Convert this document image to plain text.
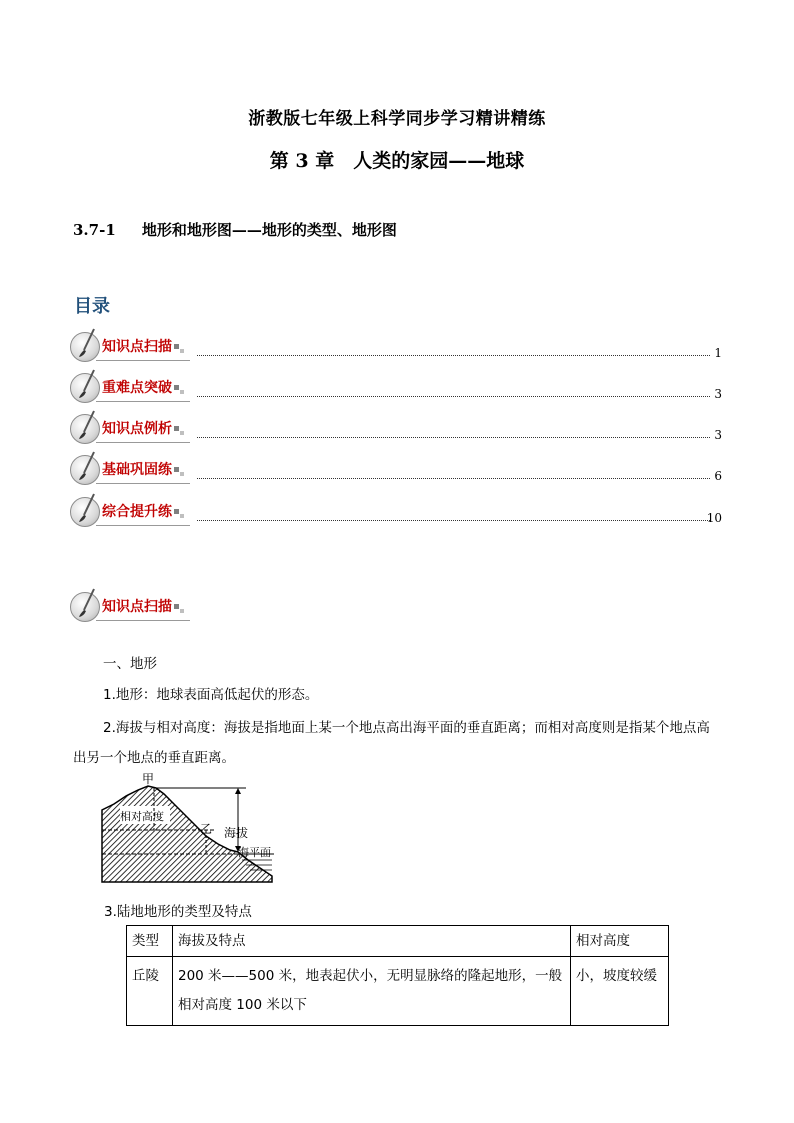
浙教版七年级上科学同步学习精讲精练
第 3 章　人类的家园——地球
3.7-1 地形和地形图——地形的类型、地形图
目录
知识点扫描	1
重难点突破	3
知识点例析	3
基础巩固练	6
综合提升练	10
知识点扫描
一、地形
1.地形：地球表面高低起伏的形态。
2.海拔与相对高度：海拔是指地面上某一个地点高出海平面的垂直距离；而相对高度则是指某个地点高
出另一个地点的垂直距离。
甲
乙
相对高度
海拔
海平面
3.陆地地形的类型及特点
类型	海拔及特点	相对高度
丘陵	200 米——500 米，地表起伏小，无明显脉络的隆起地形，一般相对高度 100 米以下	小，坡度较缓
